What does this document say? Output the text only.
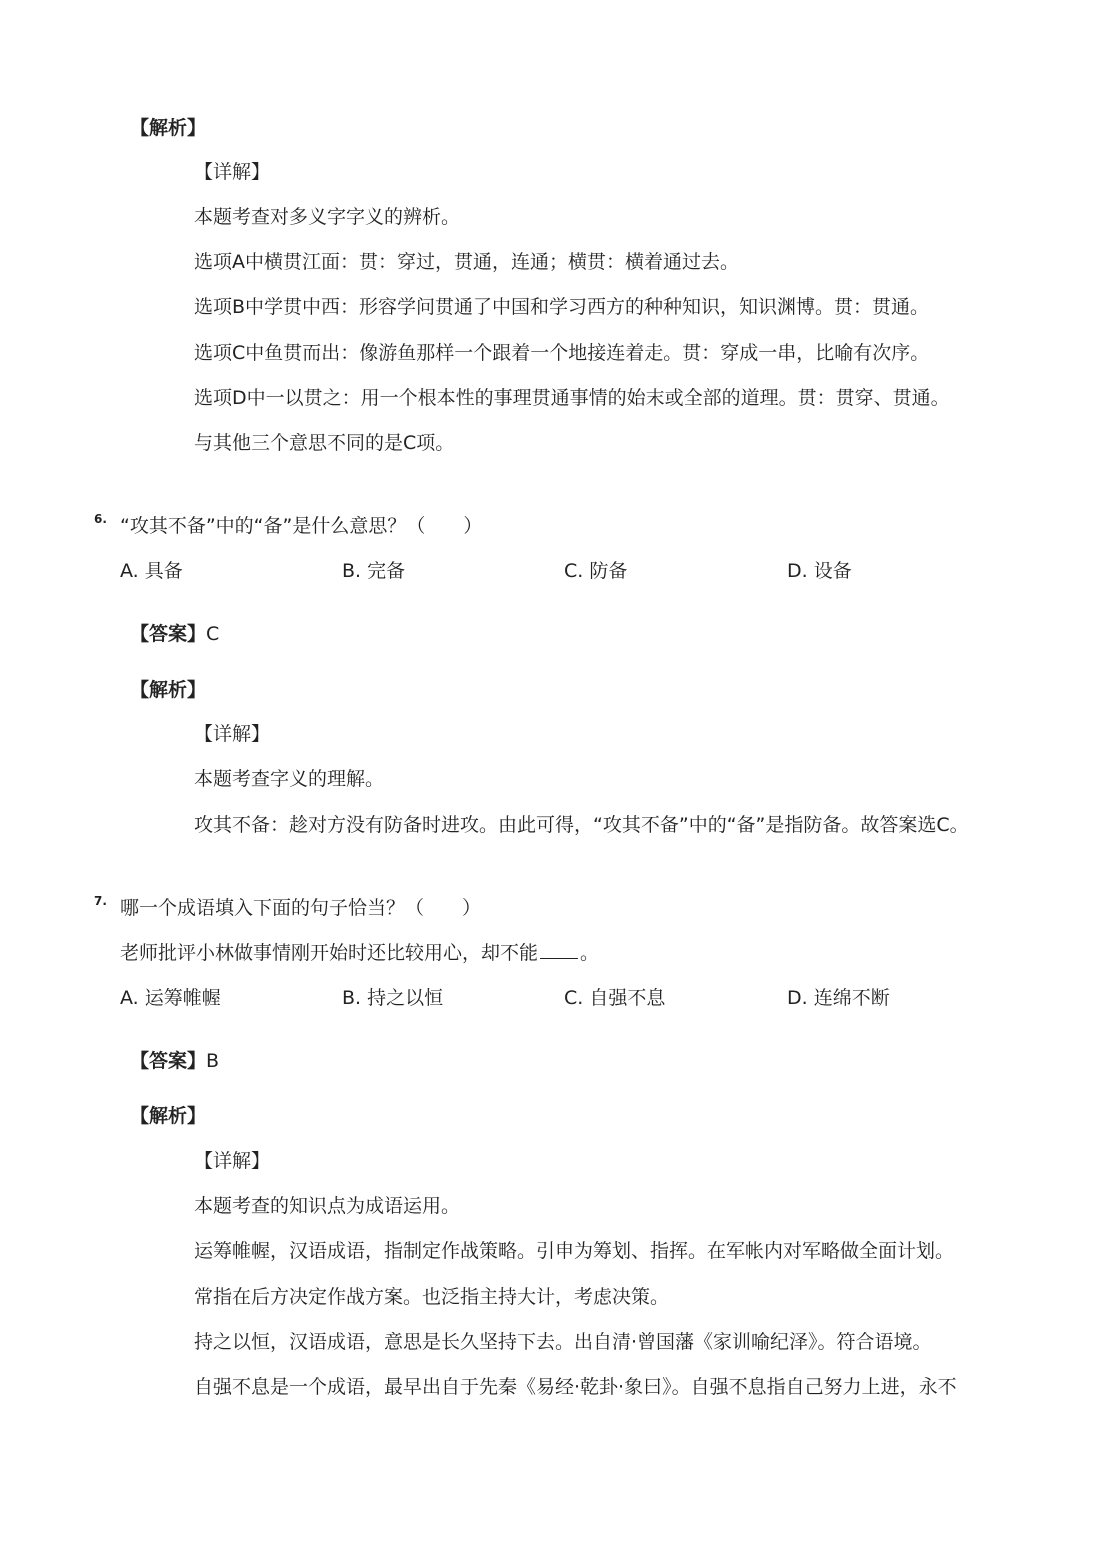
【解析】
【详解】
本题考查对多义字字义的辨析。
选项A中横贯江面：贯：穿过，贯通，连通；横贯：横着通过去。
选项B中学贯中西：形容学问贯通了中国和学习西方的种种知识，知识渊博。贯：贯通。
选项C中鱼贯而出：像游鱼那样一个跟着一个地接连着走。贯：穿成一串，比喻有次序。
选项D中一以贯之：用一个根本性的事理贯通事情的始末或全部的道理。贯：贯穿、贯通。
与其他三个意思不同的是C项。
6. “攻其不备”中的“备”是什么意思？（　　）
A. 具备	B. 完备	C. 防备	D. 设备
【答案】C
【解析】
【详解】
本题考查字义的理解。
攻其不备：趁对方没有防备时进攻。由此可得，“攻其不备”中的“备”是指防备。故答案选C。
7. 哪一个成语填入下面的句子恰当？（　　）
老师批评小林做事情刚开始时还比较用心，却不能 。
A. 运筹帷幄	B. 持之以恒	C. 自强不息	D. 连绵不断
【答案】B
【解析】
【详解】
本题考查的知识点为成语运用。
运筹帷幄，汉语成语，指制定作战策略。引申为筹划、指挥。在军帐内对军略做全面计划。
常指在后方决定作战方案。也泛指主持大计，考虑决策。
持之以恒，汉语成语，意思是长久坚持下去。出自清·曾国藩《家训喻纪泽》。符合语境。
自强不息是一个成语，最早出自于先秦《易经·乾卦·象曰》。自强不息指自己努力上进，永不
